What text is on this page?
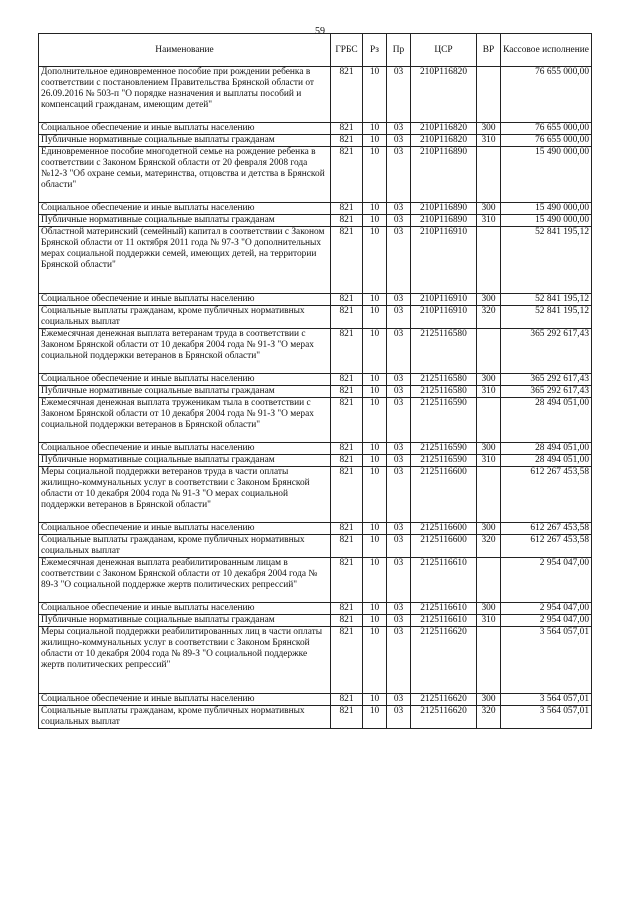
59
Наименование	ГРБС	Рз	Пр	ЦСР	ВР	Кассовое исполнение
Дополнительное единовременное пособие при рождении ребенка в соответствии с постановлением Правительства Брянской области от 26.09.2016 № 503-п "О порядке назначения и выплаты пособий и компенсаций гражданам, имеющим детей"	821	10	03	210Р116820		76 655 000,00
Социальное обеспечение и иные выплаты населению	821	10	03	210Р116820	300	76 655 000,00
Публичные нормативные социальные выплаты гражданам	821	10	03	210Р116820	310	76 655 000,00
Единовременное пособие многодетной семье на рождение ребенка в соответствии с Законом Брянской области от 20 февраля 2008 года №12-З "Об охране семьи, материнства, отцовства и детства в Брянской области"	821	10	03	210Р116890		15 490 000,00
Социальное обеспечение и иные выплаты населению	821	10	03	210Р116890	300	15 490 000,00
Публичные нормативные социальные выплаты гражданам	821	10	03	210Р116890	310	15 490 000,00
Областной материнский (семейный) капитал в соответствии с Законом Брянской области от 11 октября 2011 года № 97-З "О дополнительных мерах социальной поддержки семей, имеющих детей, на территории Брянской области"	821	10	03	210Р116910		52 841 195,12
Социальное обеспечение и иные выплаты населению	821	10	03	210Р116910	300	52 841 195,12
Социальные выплаты гражданам, кроме публичных нормативных социальных выплат	821	10	03	210Р116910	320	52 841 195,12
Ежемесячная денежная выплата ветеранам труда в соответствии с Законом Брянской области от 10 декабря 2004 года № 91-З "О мерах социальной поддержки ветеранов в Брянской области"	821	10	03	2125116580		365 292 617,43
Социальное обеспечение и иные выплаты населению	821	10	03	2125116580	300	365 292 617,43
Публичные нормативные социальные выплаты гражданам	821	10	03	2125116580	310	365 292 617,43
Ежемесячная денежная выплата труженикам тыла в соответствии с Законом Брянской области от 10 декабря 2004 года № 91-З "О мерах социальной поддержки ветеранов в Брянской области"	821	10	03	2125116590		28 494 051,00
Социальное обеспечение и иные выплаты населению	821	10	03	2125116590	300	28 494 051,00
Публичные нормативные социальные выплаты гражданам	821	10	03	2125116590	310	28 494 051,00
Меры социальной поддержки ветеранов труда в части оплаты жилищно-коммунальных услуг в соответствии с Законом Брянской области от 10 декабря 2004 года № 91-З "О мерах социальной поддержки ветеранов в Брянской области"	821	10	03	2125116600		612 267 453,58
Социальное обеспечение и иные выплаты населению	821	10	03	2125116600	300	612 267 453,58
Социальные выплаты гражданам, кроме публичных нормативных социальных выплат	821	10	03	2125116600	320	612 267 453,58
Ежемесячная денежная выплата реабилитированным лицам в соответствии с Законом Брянской области от 10 декабря 2004 года № 89-З "О социальной поддержке жертв политических репрессий"	821	10	03	2125116610		2 954 047,00
Социальное обеспечение и иные выплаты населению	821	10	03	2125116610	300	2 954 047,00
Публичные нормативные социальные выплаты гражданам	821	10	03	2125116610	310	2 954 047,00
Меры социальной поддержки реабилитированных лиц в части оплаты жилищно-коммунальных услуг в соответствии с Законом Брянской области от 10 декабря 2004 года № 89-З "О социальной поддержке жертв политических репрессий"	821	10	03	2125116620		3 564 057,01
Социальное обеспечение и иные выплаты населению	821	10	03	2125116620	300	3 564 057,01
Социальные выплаты гражданам, кроме публичных нормативных социальных выплат	821	10	03	2125116620	320	3 564 057,01
